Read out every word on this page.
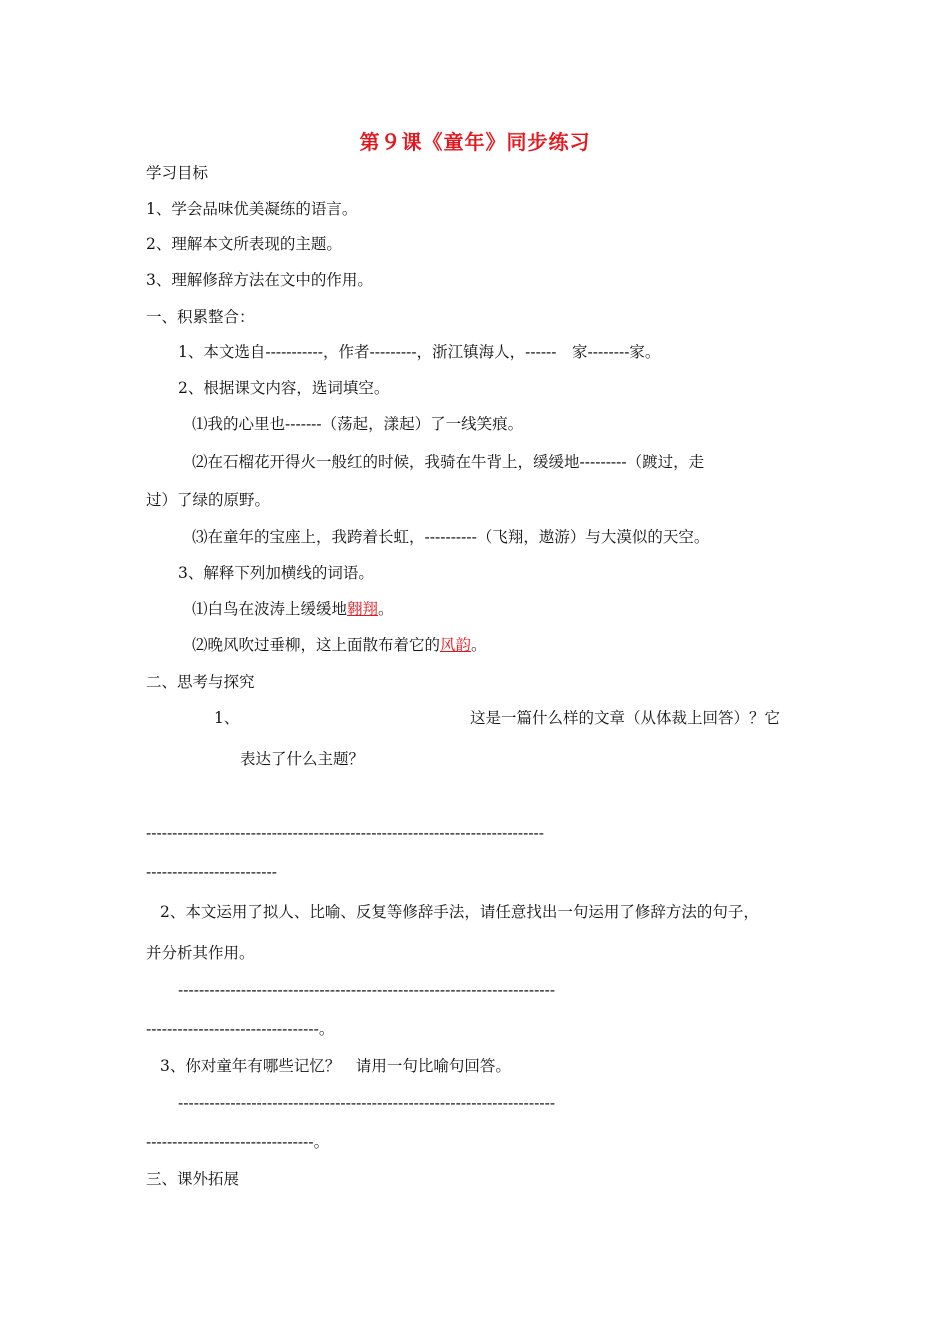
第９课《童年》同步练习
学习目标
1、学会品味优美凝练的语言。
2、理解本文所表现的主题。
3、理解修辞方法在文中的作用。
一、积累整合：
1、本文选自-----------，作者---------，浙江镇海人，------　家--------家。
2、根据课文内容，选词填空。
⑴我的心里也-------（荡起，漾起）了一线笑痕。
⑵在石榴花开得火一般红的时候，我骑在牛背上，缓缓地---------（踱过，走
过）了绿的原野。
⑶在童年的宝座上，我跨着长虹，----------（飞翔，遨游）与大漠似的天空。
3、解释下列加横线的词语。
⑴白鸟在波涛上缓缓地翱翔。
⑵晚风吹过垂柳，这上面散布着它的风韵。
二、思考与探究
1、	这是一篇什么样的文章（从体裁上回答）？它
表达了什么主题？
----------------------------------------------------------------------------
-------------------------
2、本文运用了拟人、比喻、反复等修辞手法，请任意找出一句运用了修辞方法的句子，
并分析其作用。
------------------------------------------------------------------------
---------------------------------。
3、你对童年有哪些记忆？　请用一句比喻句回答。
------------------------------------------------------------------------
--------------------------------。
三、课外拓展
